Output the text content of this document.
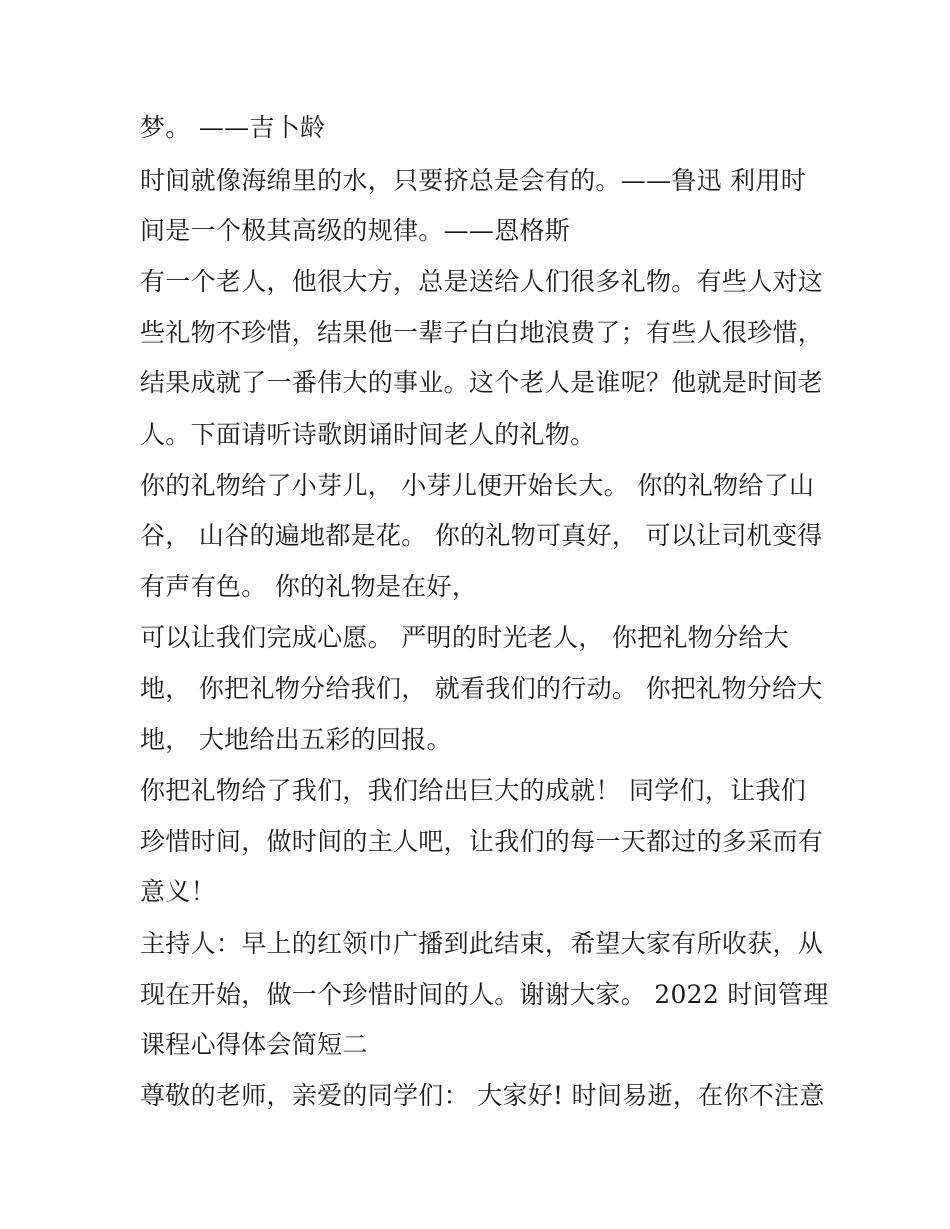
梦。 ——吉卜龄
时间就像海绵里的水，只要挤总是会有的。——鲁迅 利用时
间是一个极其高级的规律。——恩格斯
有一个老人，他很大方，总是送给人们很多礼物。有些人对这
些礼物不珍惜，结果他一辈子白白地浪费了；有些人很珍惜，
结果成就了一番伟大的事业。这个老人是谁呢？他就是时间老
人。下面请听诗歌朗诵时间老人的礼物。
你的礼物给了小芽儿， 小芽儿便开始长大。 你的礼物给了山
谷， 山谷的遍地都是花。 你的礼物可真好， 可以让司机变得
有声有色。 你的礼物是在好，
可以让我们完成心愿。 严明的时光老人， 你把礼物分给大
地， 你把礼物分给我们， 就看我们的行动。 你把礼物分给大
地， 大地给出五彩的回报。
你把礼物给了我们，我们给出巨大的成就！ 同学们，让我们
珍惜时间，做时间的主人吧，让我们的每一天都过的多采而有
意义！
主持人：早上的红领巾广播到此结束，希望大家有所收获，从
现在开始，做一个珍惜时间的人。谢谢大家。 2022 时间管理
课程心得体会简短二
尊敬的老师，亲爱的同学们： 大家好! 时间易逝，在你不注意
